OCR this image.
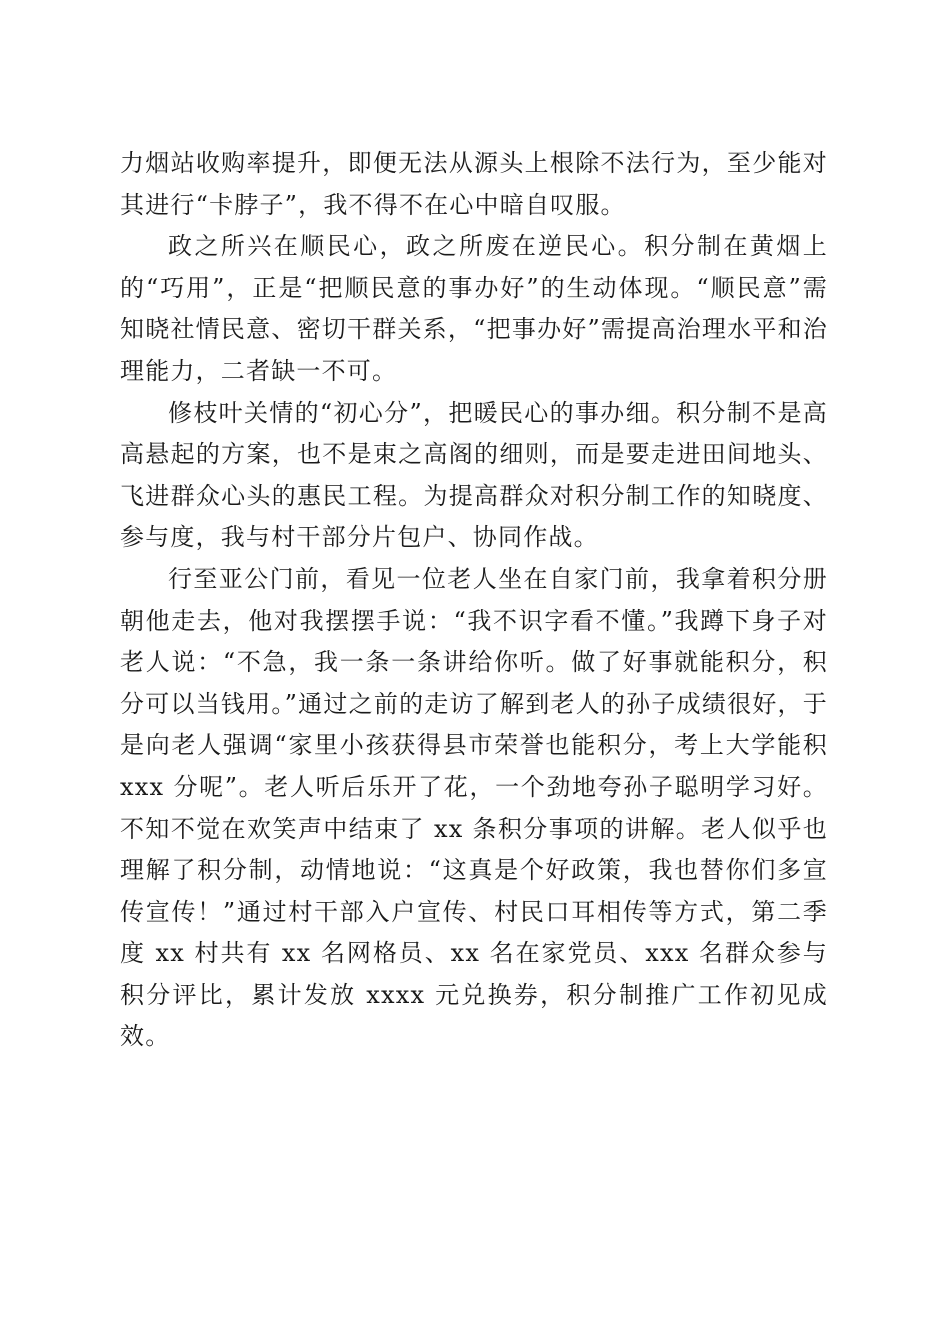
力烟站收购率提升，即便无法从源头上根除不法行为，至少能对其进行“卡脖子”，我不得不在心中暗自叹服。

政之所兴在顺民心，政之所废在逆民心。积分制在黄烟上的“巧用”，正是“把顺民意的事办好”的生动体现。“顺民意”需知晓社情民意、密切干群关系，“把事办好”需提高治理水平和治理能力，二者缺一不可。

修枝叶关情的“初心分”，把暖民心的事办细。积分制不是高高悬起的方案，也不是束之高阁的细则，而是要走进田间地头、飞进群众心头的惠民工程。为提高群众对积分制工作的知晓度、参与度，我与村干部分片包户、协同作战。

行至亚公门前，看见一位老人坐在自家门前，我拿着积分册朝他走去，他对我摆摆手说：“我不识字看不懂。”我蹲下身子对老人说：“不急，我一条一条讲给你听。做了好事就能积分，积分可以当钱用。”通过之前的走访了解到老人的孙子成绩很好，于是向老人强调“家里小孩获得县市荣誉也能积分，考上大学能积 xxx 分呢”。老人听后乐开了花，一个劲地夸孙子聪明学习好。不知不觉在欢笑声中结束了 xx 条积分事项的讲解。老人似乎也理解了积分制，动情地说：“这真是个好政策，我也替你们多宣传宣传！”通过村干部入户宣传、村民口耳相传等方式，第二季度 xx 村共有 xx 名网格员、xx 名在家党员、xxx 名群众参与积分评比，累计发放 xxxx 元兑换券，积分制推广工作初见成效。
